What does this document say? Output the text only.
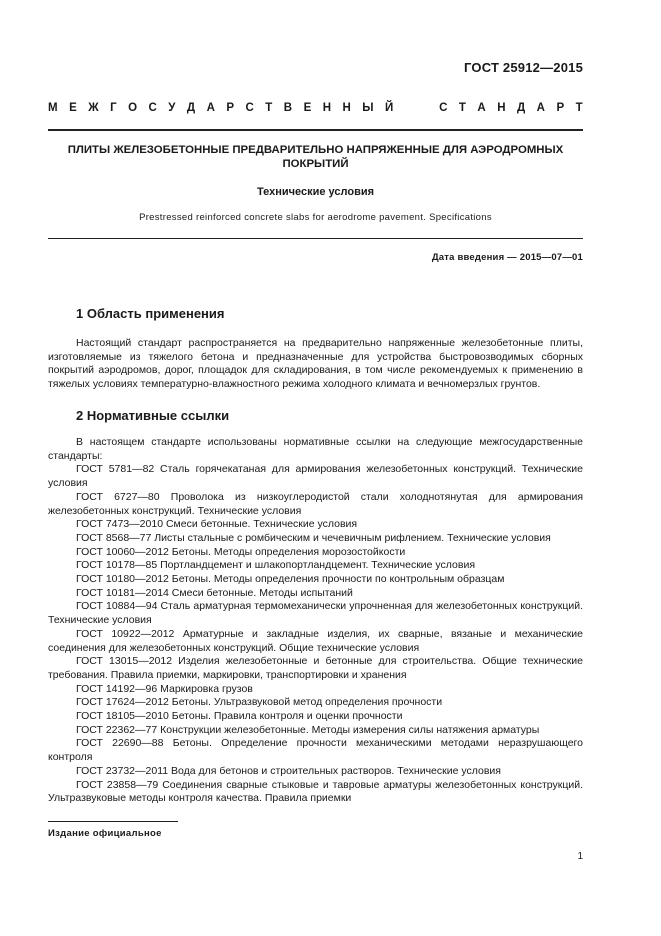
ГОСТ 25912—2015
М Е Ж Г О С У Д А Р С Т В Е Н Н Ы Й	С Т А Н Д А Р Т
ПЛИТЫ ЖЕЛЕЗОБЕТОННЫЕ ПРЕДВАРИТЕЛЬНО НАПРЯЖЕННЫЕ ДЛЯ АЭРОДРОМНЫХ ПОКРЫТИЙ
Технические условия
Prestressed reinforced concrete slabs for aerodrome pavement. Specifications
Дата введения — 2015—07—01
1 Область применения

Настоящий стандарт распространяется на предварительно напряженные железобетонные плиты, изготовляемые из тяжелого бетона и предназначенные для устройства быстровозводимых сборных покрытий аэродромов, дорог, площадок для складирования, в том числе рекомендуемых к применению в тяжелых условиях температурно-влажностного режима холодного климата и вечномерзлых грунтов.

2 Нормативные ссылки

В настоящем стандарте использованы нормативные ссылки на следующие межгосударственные стандарты:

ГОСТ 5781—82 Сталь горячекатаная для армирования железобетонных конструкций. Технические условия

ГОСТ 6727—80 Проволока из низкоуглеродистой стали холоднотянутая для армирования железобетонных конструкций. Технические условия

ГОСТ 7473—2010 Смеси бетонные. Технические условия

ГОСТ 8568—77 Листы стальные с ромбическим и чечевичным рифлением. Технические условия

ГОСТ 10060—2012 Бетоны. Методы определения морозостойкости

ГОСТ 10178—85 Портландцемент и шлакопортландцемент. Технические условия

ГОСТ 10180—2012 Бетоны. Методы определения прочности по контрольным образцам

ГОСТ 10181—2014 Смеси бетонные. Методы испытаний

ГОСТ 10884—94 Сталь арматурная термомеханически упрочненная для железобетонных конструкций. Технические условия

ГОСТ 10922—2012 Арматурные и закладные изделия, их сварные, вязаные и механические соединения для железобетонных конструкций. Общие технические условия

ГОСТ 13015—2012 Изделия железобетонные и бетонные для строительства. Общие технические требования. Правила приемки, маркировки, транспортировки и хранения

ГОСТ 14192—96 Маркировка грузов

ГОСТ 17624—2012 Бетоны. Ультразвуковой метод определения прочности

ГОСТ 18105—2010 Бетоны. Правила контроля и оценки прочности

ГОСТ 22362—77 Конструкции железобетонные. Методы измерения силы натяжения арматуры

ГОСТ 22690—88 Бетоны. Определение прочности механическими методами неразрушающего контроля

ГОСТ 23732—2011 Вода для бетонов и строительных растворов. Технические условия

ГОСТ 23858—79 Соединения сварные стыковые и тавровые арматуры железобетонных конструкций. Ультразвуковые методы контроля качества. Правила приемки

Издание официальное
1
